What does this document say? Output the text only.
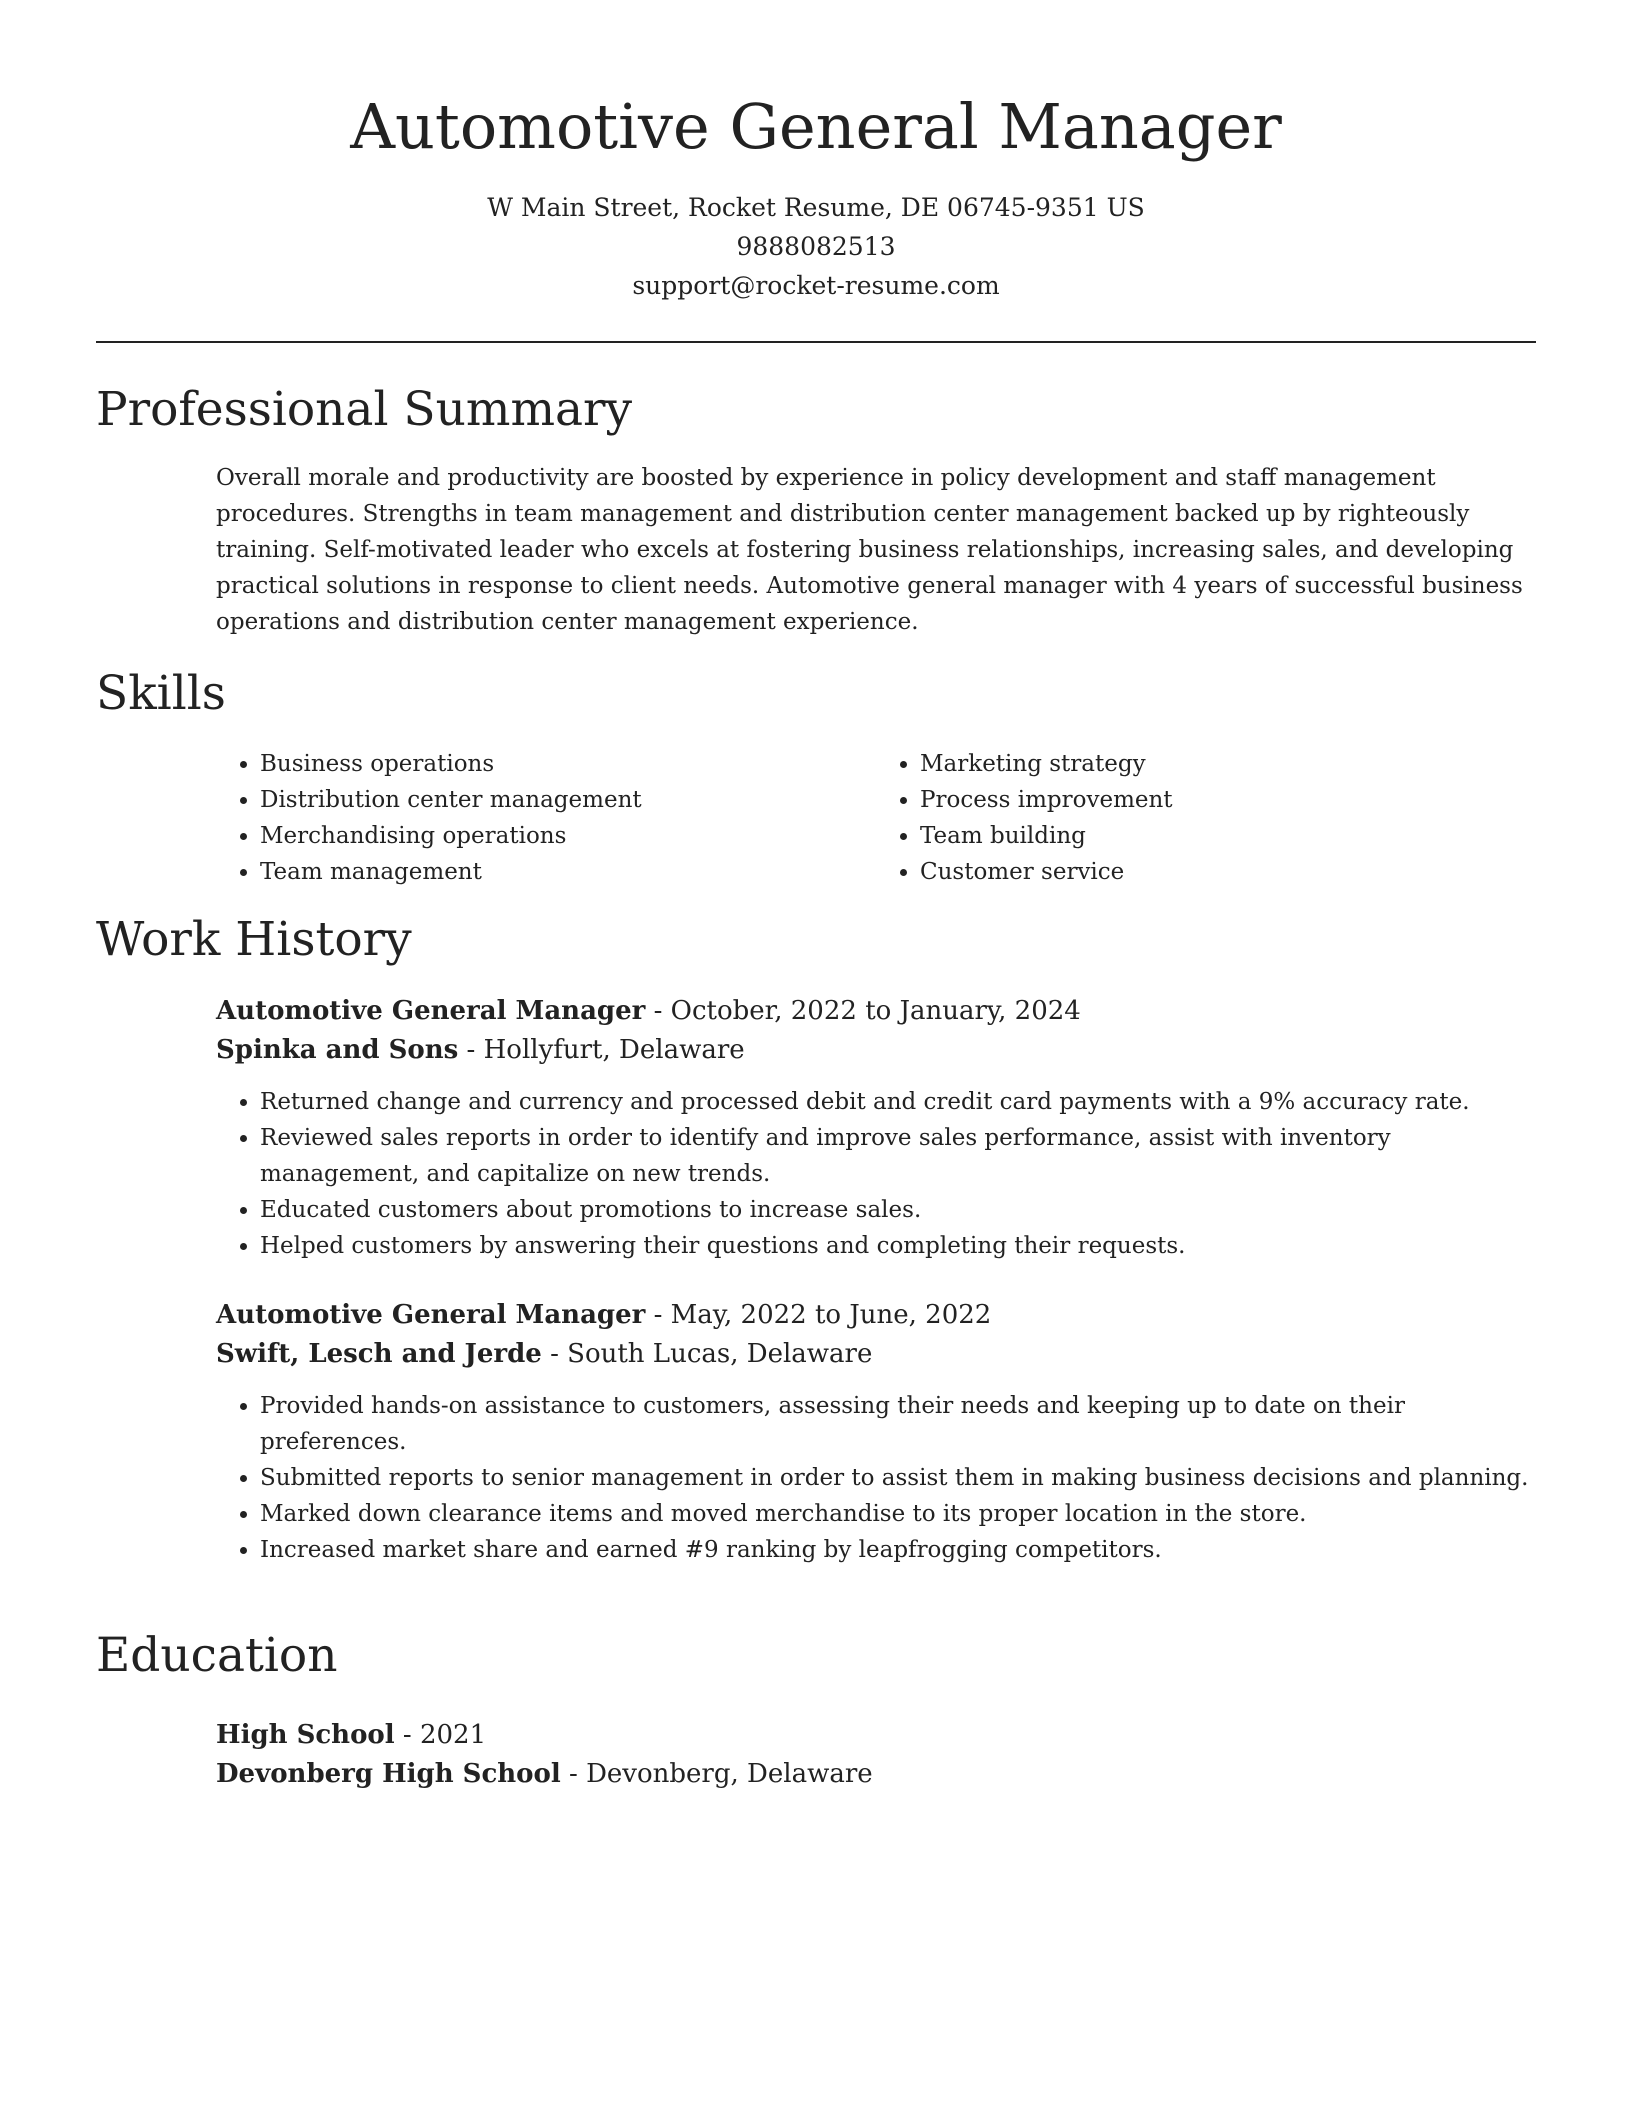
Automotive General Manager
W Main Street, Rocket Resume, DE 06745-9351 US
9888082513
support@rocket-resume.com
Professional Summary

Overall morale and productivity are boosted by experience in policy development and staff management procedures. Strengths in team management and distribution center management backed up by righteously training. Self-motivated leader who excels at fostering business relationships, increasing sales, and developing practical solutions in response to client needs. Automotive general manager with 4 years of successful business operations and distribution center management experience.

Skills
• Business operations
• Distribution center management
• Merchandising operations
• Team management
• Marketing strategy
• Process improvement
• Team building
• Customer service
Work History
Automotive General Manager - October, 2022 to January, 2024
Spinka and Sons - Hollyfurt, Delaware
• Returned change and currency and processed debit and credit card payments with a 9% accuracy rate.
• Reviewed sales reports in order to identify and improve sales performance, assist with inventory management, and capitalize on new trends.
• Educated customers about promotions to increase sales.
• Helped customers by answering their questions and completing their requests.
Automotive General Manager - May, 2022 to June, 2022
Swift, Lesch and Jerde - South Lucas, Delaware
• Provided hands-on assistance to customers, assessing their needs and keeping up to date on their preferences.
• Submitted reports to senior management in order to assist them in making business decisions and planning.
• Marked down clearance items and moved merchandise to its proper location in the store.
• Increased market share and earned #9 ranking by leapfrogging competitors.
Education
High School - 2021
Devonberg High School - Devonberg, Delaware
